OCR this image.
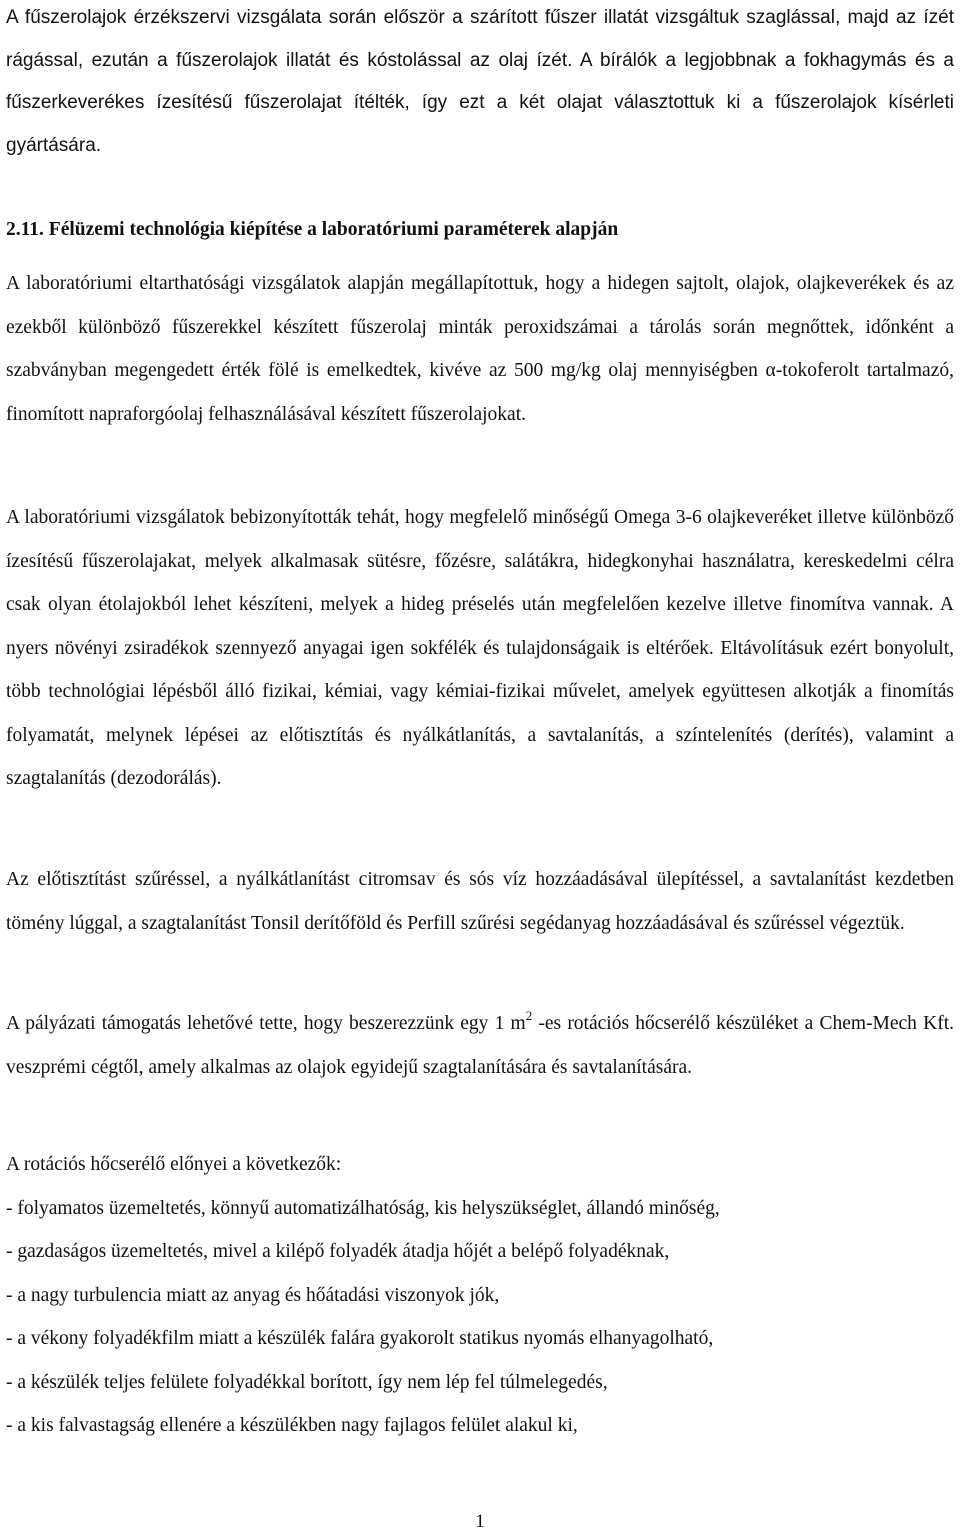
A fűszerolajok érzékszervi vizsgálata során először a szárított fűszer illatát vizsgáltuk szaglással, majd az ízét rágással, ezután a fűszerolajok illatát és kóstolással az olaj ízét. A bírálók a legjobbnak a fokhagymás és a fűszerkeverékes ízesítésű fűszerolajat ítélték, így ezt a két olajat választottuk ki a fűszerolajok kísérleti gyártására.

2.11. Félüzemi technológia kiépítése a laboratóriumi paraméterek alapján

A laboratóriumi eltarthatósági vizsgálatok alapján megállapítottuk, hogy a hidegen sajtolt, olajok, olajkeverékek és az ezekből különböző fűszerekkel készített fűszerolaj minták peroxidszámai a tárolás során megnőttek, időnként a szabványban megengedett érték fölé is emelkedtek, kivéve az 500 mg/kg olaj mennyiségben α-tokoferolt tartalmazó, finomított napraforgóolaj felhasználásával készített fűszerolajokat.

A laboratóriumi vizsgálatok bebizonyították tehát, hogy megfelelő minőségű Omega 3-6 olajkeveréket illetve különböző ízesítésű fűszerolajakat, melyek alkalmasak sütésre, főzésre, salátákra, hidegkonyhai használatra, kereskedelmi célra csak olyan étolajokból lehet készíteni, melyek a hideg préselés után megfelelően kezelve illetve finomítva vannak. A nyers növényi zsiradékok szennyező anyagai igen sokfélék és tulajdonságaik is eltérőek. Eltávolításuk ezért bonyolult, több technológiai lépésből álló fizikai, kémiai, vagy kémiai-fizikai művelet, amelyek együttesen alkotják a finomítás folyamatát, melynek lépései az előtisztítás és nyálkátlanítás, a savtalanítás, a színtelenítés (derítés), valamint a szagtalanítás (dezodorálás).

Az előtisztítást szűréssel, a nyálkátlanítást citromsav és sós víz hozzáadásával ülepítéssel, a savtalanítást kezdetben tömény lúggal, a szagtalanítást Tonsil derítőföld és Perfill szűrési segédanyag hozzáadásával és szűréssel végeztük.

A pályázati támogatás lehetővé tette, hogy beszerezzünk egy 1 $m^2$ -es rotációs hőcserélő készüléket a Chem-Mech Kft. veszprémi cégtől, amely alkalmas az olajok egyidejű szagtalanítására és savtalanítására.

A rotációs hőcserélő előnyei a következők:

- folyamatos üzemeltetés, könnyű automatizálhatóság, kis helyszükséglet, állandó minőség,

- gazdaságos üzemeltetés, mivel a kilépő folyadék átadja hőjét a belépő folyadéknak,

- a nagy turbulencia miatt az anyag és hőátadási viszonyok jók,

- a vékony folyadékfilm miatt a készülék falára gyakorolt statikus nyomás elhanyagolható,

- a készülék teljes felülete folyadékkal borított, így nem lép fel túlmelegedés,

- a kis falvastagság ellenére a készülékben nagy fajlagos felület alakul ki,

1
